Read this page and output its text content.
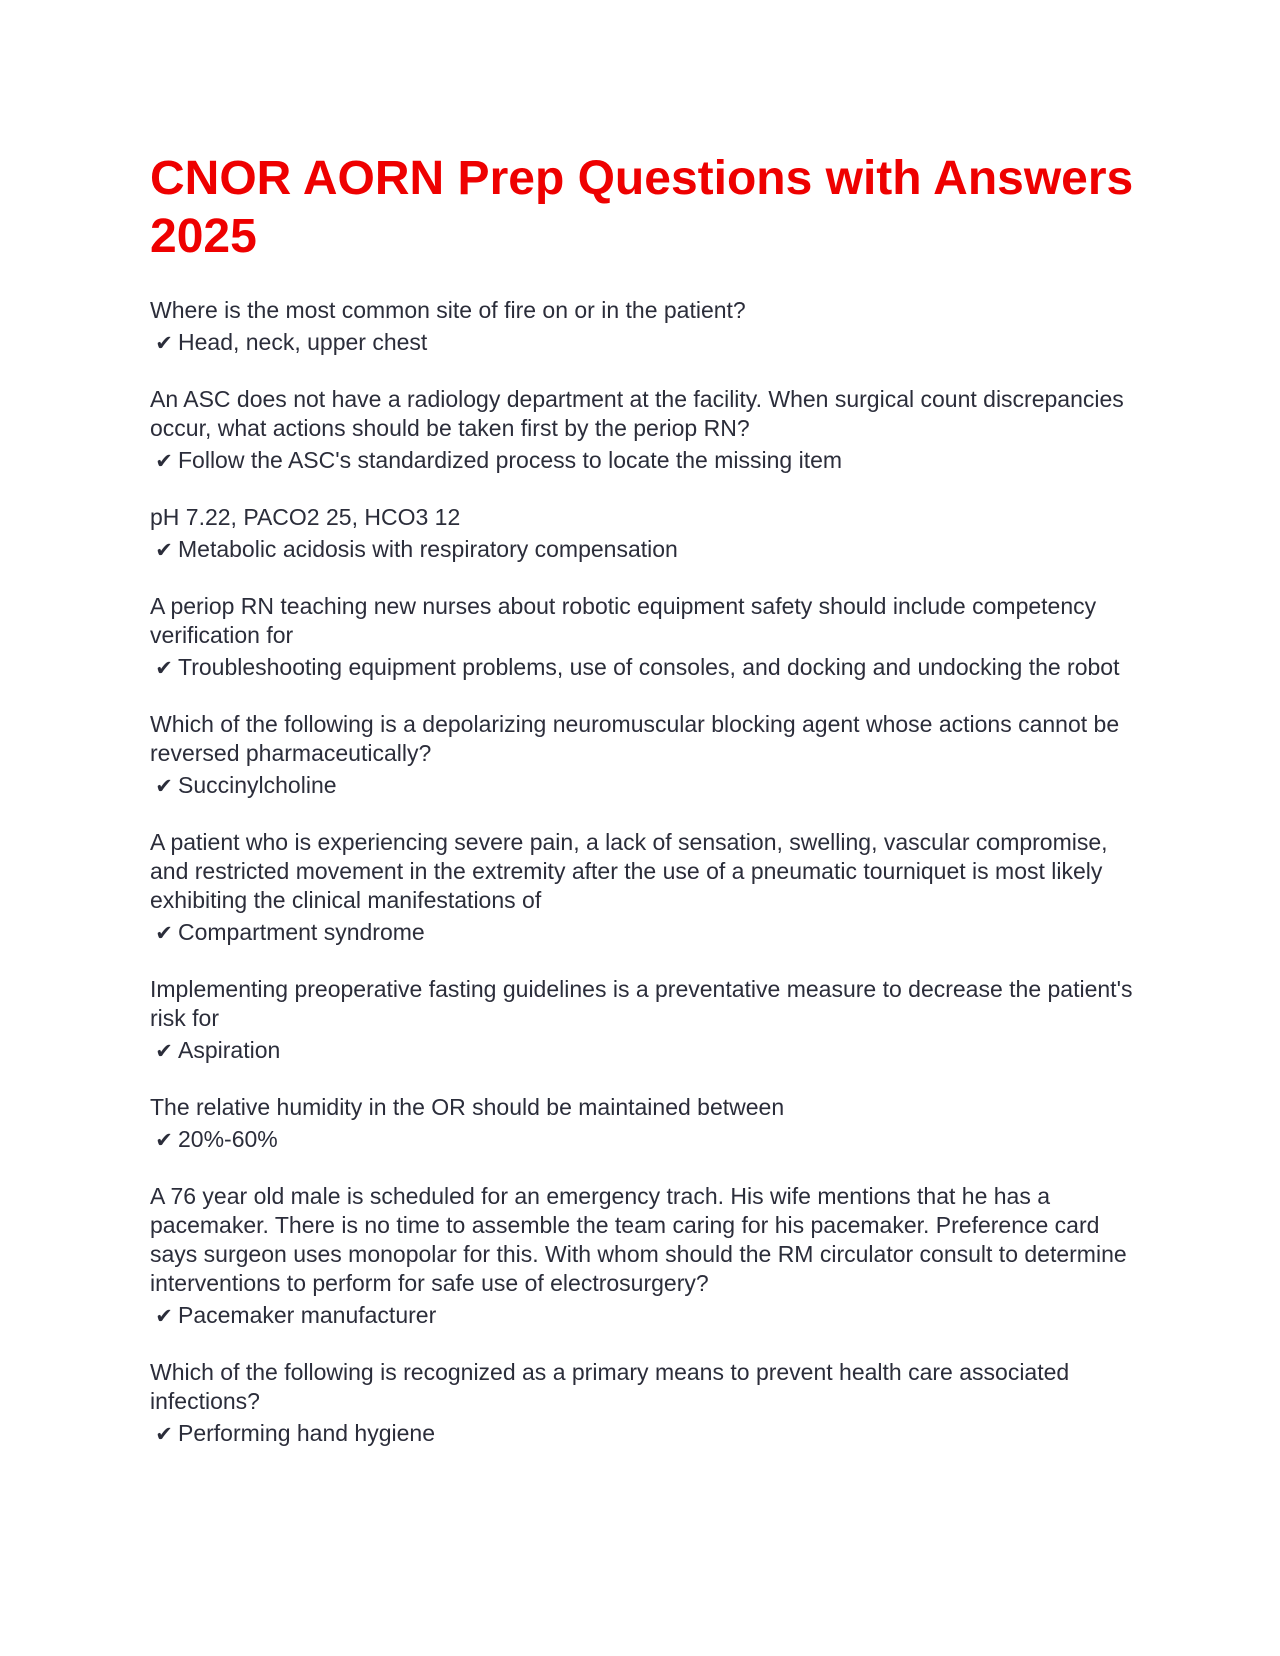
CNOR AORN Prep Questions with Answers 2025

Where is the most common site of fire on or in the patient?

✔ Head, neck, upper chest

An ASC does not have a radiology department at the facility. When surgical count discrepancies occur, what actions should be taken first by the periop RN?

✔ Follow the ASC's standardized process to locate the missing item

pH 7.22, PACO2 25, HCO3 12

✔ Metabolic acidosis with respiratory compensation

A periop RN teaching new nurses about robotic equipment safety should include competency verification for

✔ Troubleshooting equipment problems, use of consoles, and docking and undocking the robot

Which of the following is a depolarizing neuromuscular blocking agent whose actions cannot be reversed pharmaceutically?

✔ Succinylcholine

A patient who is experiencing severe pain, a lack of sensation, swelling, vascular compromise, and restricted movement in the extremity after the use of a pneumatic tourniquet is most likely exhibiting the clinical manifestations of

✔ Compartment syndrome

Implementing preoperative fasting guidelines is a preventative measure to decrease the patient's risk for

✔ Aspiration

The relative humidity in the OR should be maintained between

✔ 20%-60%

A 76 year old male is scheduled for an emergency trach. His wife mentions that he has a pacemaker. There is no time to assemble the team caring for his pacemaker. Preference card says surgeon uses monopolar for this. With whom should the RM circulator consult to determine interventions to perform for safe use of electrosurgery?

✔ Pacemaker manufacturer

Which of the following is recognized as a primary means to prevent health care associated infections?

✔ Performing hand hygiene
